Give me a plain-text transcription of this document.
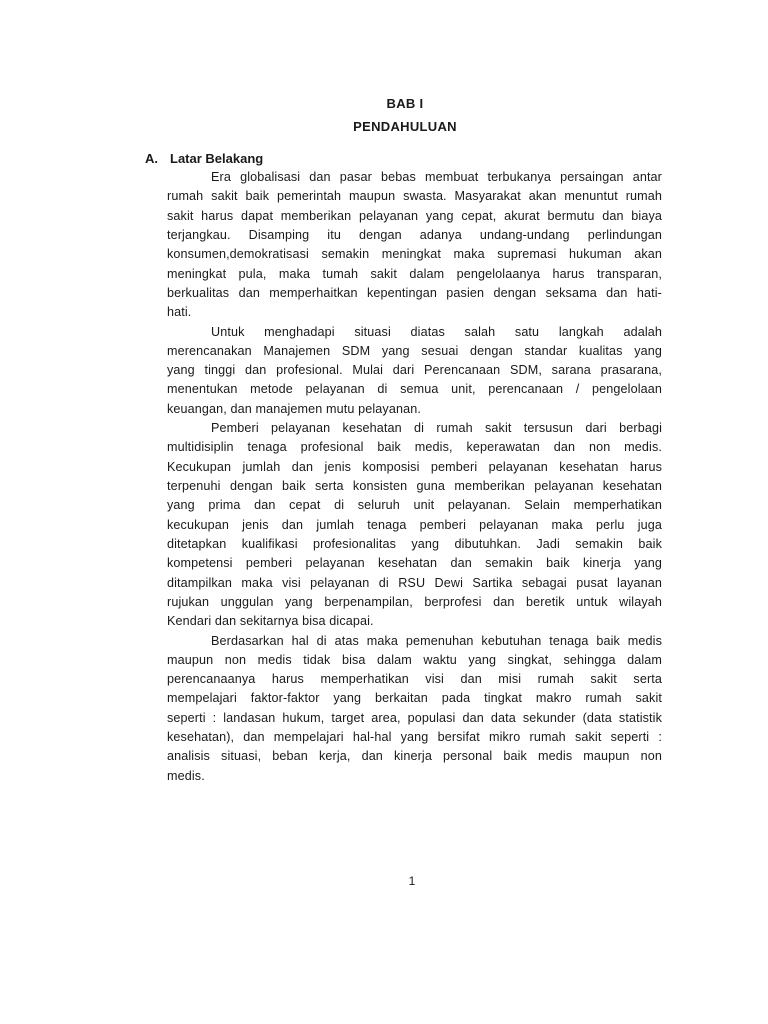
BAB I
PENDAHULUAN
A. Latar Belakang
Era globalisasi dan pasar bebas membuat terbukanya persaingan antar
rumah sakit baik pemerintah maupun swasta. Masyarakat akan menuntut rumah
sakit harus dapat memberikan pelayanan yang cepat, akurat bermutu dan biaya
terjangkau. Disamping itu dengan adanya undang-undang perlindungan
konsumen,demokratisasi semakin meningkat maka supremasi hukuman akan
meningkat pula, maka tumah sakit dalam pengelolaanya harus transparan,
berkualitas dan memperhaitkan kepentingan pasien dengan seksama dan hati-
hati.
Untuk menghadapi situasi diatas salah satu langkah adalah
merencanakan Manajemen SDM yang sesuai dengan standar kualitas yang
yang tinggi dan profesional. Mulai dari Perencanaan SDM, sarana prasarana,
menentukan metode pelayanan di semua unit, perencanaan / pengelolaan
keuangan, dan manajemen mutu pelayanan.
Pemberi pelayanan kesehatan di rumah sakit tersusun dari berbagi
multidisiplin tenaga profesional baik medis, keperawatan dan non medis.
Kecukupan jumlah dan jenis komposisi pemberi pelayanan kesehatan harus
terpenuhi dengan baik serta konsisten guna memberikan pelayanan kesehatan
yang prima dan cepat di seluruh unit pelayanan. Selain memperhatikan
kecukupan jenis dan jumlah tenaga pemberi pelayanan maka perlu juga
ditetapkan kualifikasi profesionalitas yang dibutuhkan. Jadi semakin baik
kompetensi pemberi pelayanan kesehatan dan semakin baik kinerja yang
ditampilkan maka visi pelayanan di RSU Dewi Sartika sebagai pusat layanan
rujukan unggulan yang berpenampilan, berprofesi dan beretik untuk wilayah
Kendari dan sekitarnya bisa dicapai.
Berdasarkan hal di atas maka pemenuhan kebutuhan tenaga baik medis
maupun non medis tidak bisa dalam waktu yang singkat, sehingga dalam
perencanaanya harus memperhatikan visi dan misi rumah sakit serta
mempelajari faktor-faktor yang berkaitan pada tingkat makro rumah sakit
seperti : landasan hukum, target area, populasi dan data sekunder (data statistik
kesehatan), dan mempelajari hal-hal yang bersifat mikro rumah sakit seperti :
analisis situasi, beban kerja, dan kinerja personal baik medis maupun non
medis.
1
